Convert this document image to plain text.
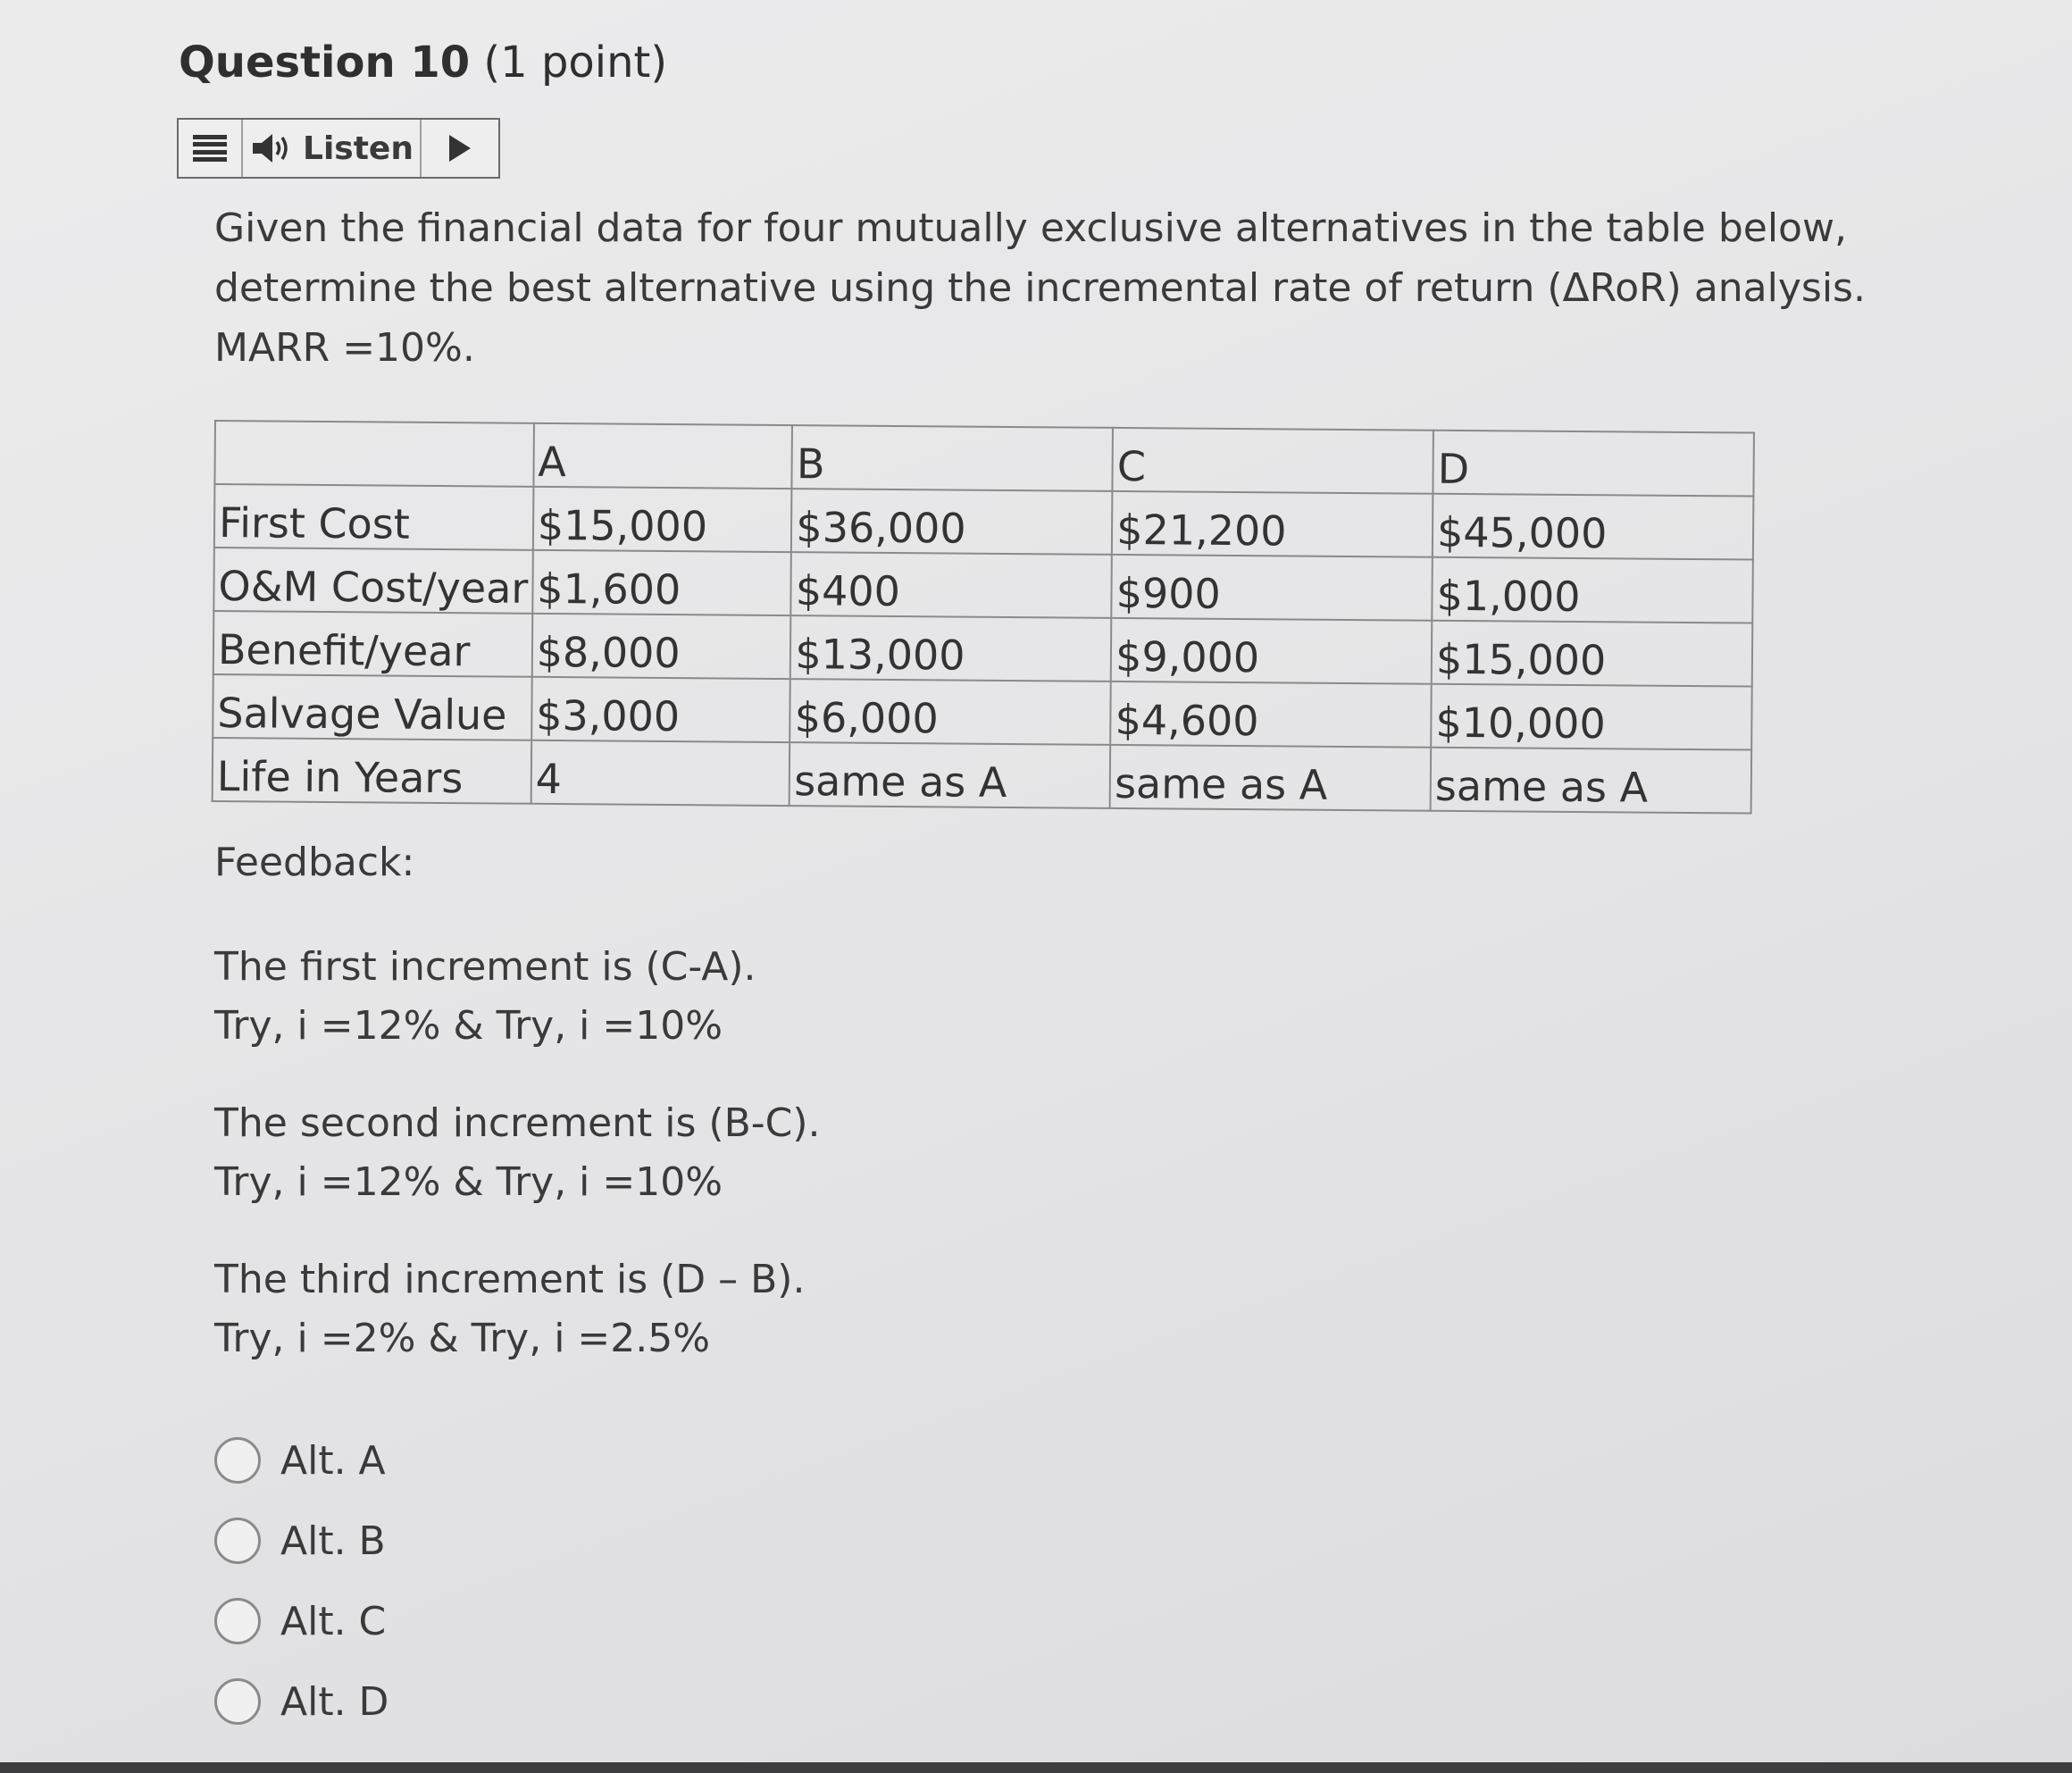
Question 10 (1 point)
Listen
Given the financial data for four mutually exclusive alternatives in the table below,
determine the best alternative using the incremental rate of return (ΔRoR) analysis.
MARR =10%.
	A	B	C	D
First Cost	$15,000	$36,000	$21,200	$45,000
O&M Cost/year	$1,600	$400	$900	$1,000
Benefit/year	$8,000	$13,000	$9,000	$15,000
Salvage Value	$3,000	$6,000	$4,600	$10,000
Life in Years	4	same as A	same as A	same as A
Feedback:
The first increment is (C-A).
Try, i =12% & Try, i =10%
The second increment is (B-C).
Try, i =12% & Try, i =10%
The third increment is (D – B).
Try, i =2% & Try, i =2.5%
Alt. A
Alt. B
Alt. C
Alt. D
